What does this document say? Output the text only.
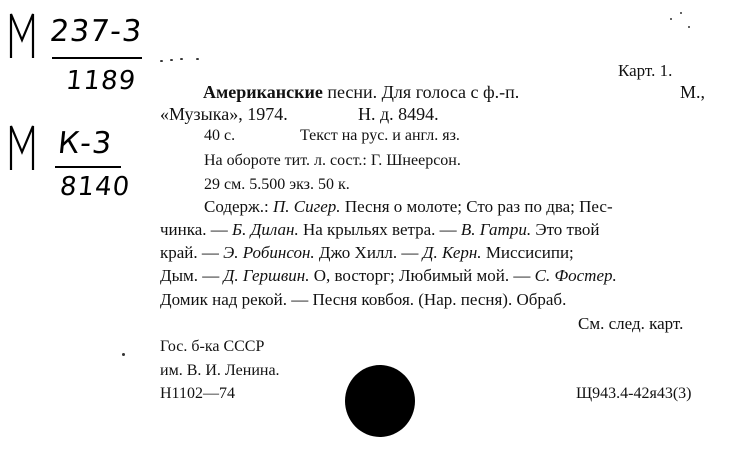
237-3
1189
К-3
8140
Карт. 1.
Американские песни. Для голоса с ф.-п.	М.,
«Музыка», 1974.	Н. д. 8494.
40 с.	Текст на рус. и англ. яз.
На обороте тит. л. сост.: Г. Шнеерсон.
29 см. 5.500 экз. 50 к.
Содерж.: П. Сигер. Песня о молоте; Сто раз по два; Пес-
чинка. — Б. Дилан. На крыльях ветра. — В. Гатри. Это твой
край. — Э. Робинсон. Джо Хилл. — Д. Керн. Миссисипи;
Дым. — Д. Гершвин. О, восторг; Любимый мой. — С. Фостер.
Домик над рекой. — Песня ковбоя. (Нар. песня). Обраб.
См. след. карт.
Гос. б-ка СССР
им. В. И. Ленина.
Н1102—74	Щ943.4-42я43(3)
